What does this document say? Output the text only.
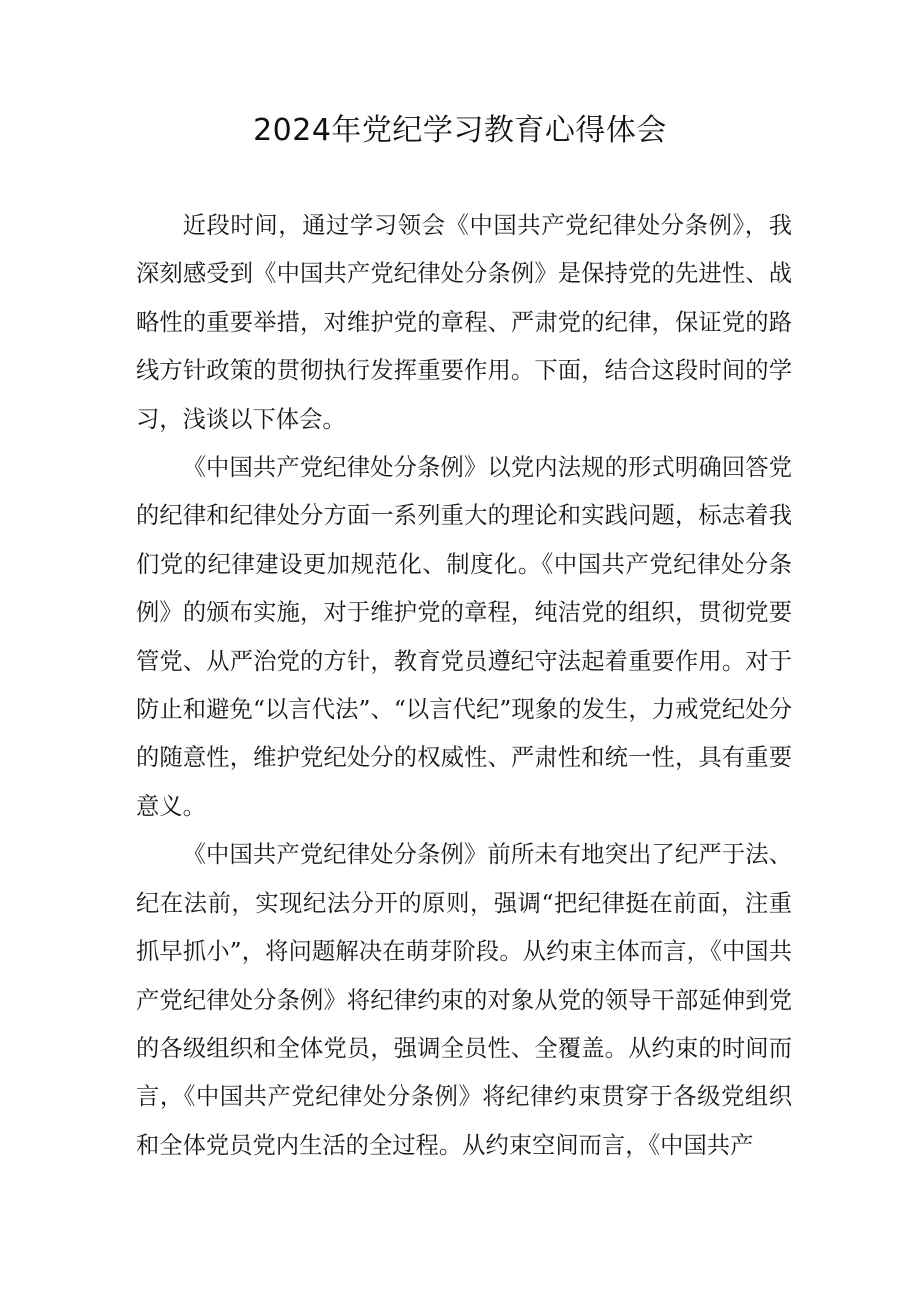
2024年党纪学习教育心得体会

近段时间，通过学习领会《中国共产党纪律处分条例》，我深刻感受到《中国共产党纪律处分条例》是保持党的先进性、战略性的重要举措，对维护党的章程、严肃党的纪律，保证党的路线方针政策的贯彻执行发挥重要作用。下面，结合这段时间的学习，浅谈以下体会。

《中国共产党纪律处分条例》以党内法规的形式明确回答党的纪律和纪律处分方面一系列重大的理论和实践问题，标志着我们党的纪律建设更加规范化、制度化。《中国共产党纪律处分条例》的颁布实施，对于维护党的章程，纯洁党的组织，贯彻党要管党、从严治党的方针，教育党员遵纪守法起着重要作用。对于防止和避免“以言代法”、“以言代纪”现象的发生，力戒党纪处分的随意性，维护党纪处分的权威性、严肃性和统一性，具有重要意义。

《中国共产党纪律处分条例》前所未有地突出了纪严于法、纪在法前，实现纪法分开的原则，强调“把纪律挺在前面，注重抓早抓小”，将问题解决在萌芽阶段。从约束主体而言，《中国共产党纪律处分条例》将纪律约束的对象从党的领导干部延伸到党的各级组织和全体党员，强调全员性、全覆盖。从约束的时间而言，《中国共产党纪律处分条例》将纪律约束贯穿于各级党组织和全体党员党内生活的全过程。从约束空间而言，《中国共产
